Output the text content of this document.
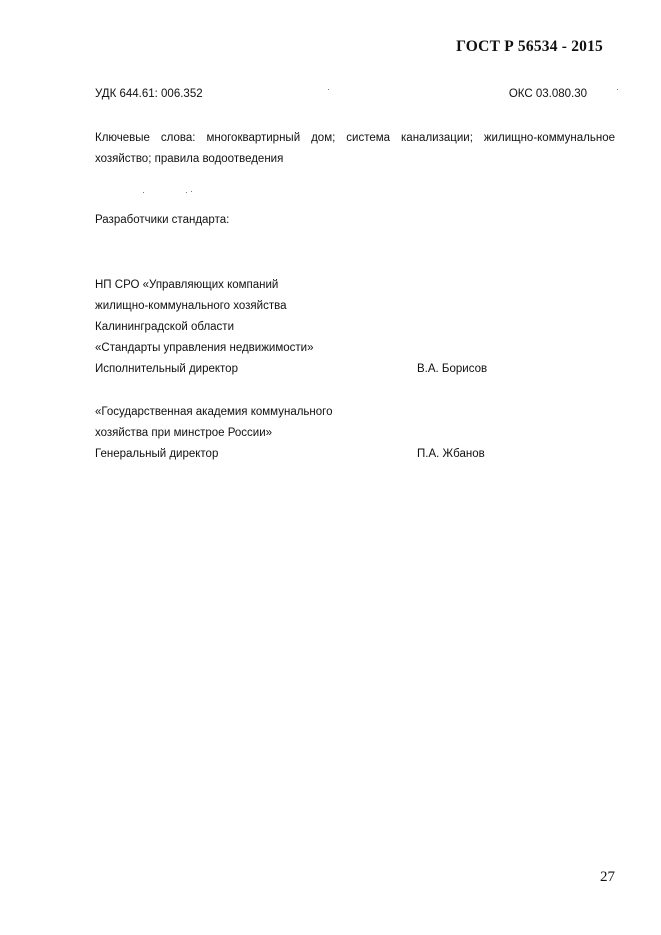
ГОСТ Р 56534 - 2015
УДК 644.61: 006.352	ОКС 03.080.30
Ключевые слова: многоквартирный дом; система канализации; жилищно-коммунальное хозяйство; правила водоотведения
Разработчики стандарта:
НП СРО «Управляющих компаний
жилищно-коммунального хозяйства
Калининградской области
«Стандарты управления недвижимости»
Исполнительный директор	В.А. Борисов
«Государственная академия коммунального
хозяйства при минстрое России»
Генеральный директор	П.А. Жбанов
27
